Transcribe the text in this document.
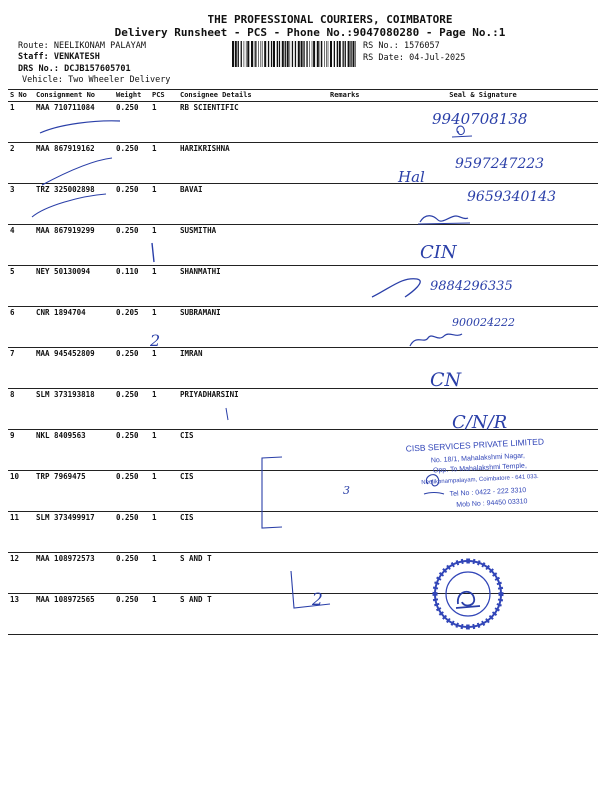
THE PROFESSIONAL COURIERS, COIMBATORE
Delivery Runsheet - PCS - Phone No.:9047080280 - Page No.:1
Route: NEELIKONAM PALAYAM
Staff: VENKATESH
DRS No.: DCJB157605701
Vehicle: Two Wheeler Delivery
RS No.: 1576057
RS Date: 04-Jul-2025
S No	Consignment No	Weight	PCS	Consignee Details	Remarks	Seal & Signature
1	MAA 710711084	0.250	1	RB SCIENTIFIC		
2	MAA 867919162	0.250	1	HARIKRISHNA		
3	TRZ 325002898	0.250	1	BAVAI		
4	MAA 867919299	0.250	1	SUSMITHA		
5	NEY 50130094	0.110	1	SHANMATHI		
6	CNR 1894704	0.205	1	SUBRAMANI		
7	MAA 945452809	0.250	1	IMRAN		
8	SLM 373193818	0.250	1	PRIYADHARSINI		
9	NKL 8409563	0.250	1	CIS		
10	TRP 7969475	0.250	1	CIS		
11	SLM 373499917	0.250	1	CIS		
12	MAA 108972573	0.250	1	S AND T		
13	MAA 108972565	0.250	1	S AND T		
9940708138
9597247223
Hal
9659340143
CIN
9884296335
2
900024222
CN
C/N/R
3
2
CISB SERVICES PRIVATE LIMITED
No. 18/1, Mahalakshmi Nagar,
Opp. To Mahalakshmi Temple,
Neelikonampalayam, Coimbatore - 641 033.
Tel No : 0422 - 222 3310
Mob No : 94450 03310
